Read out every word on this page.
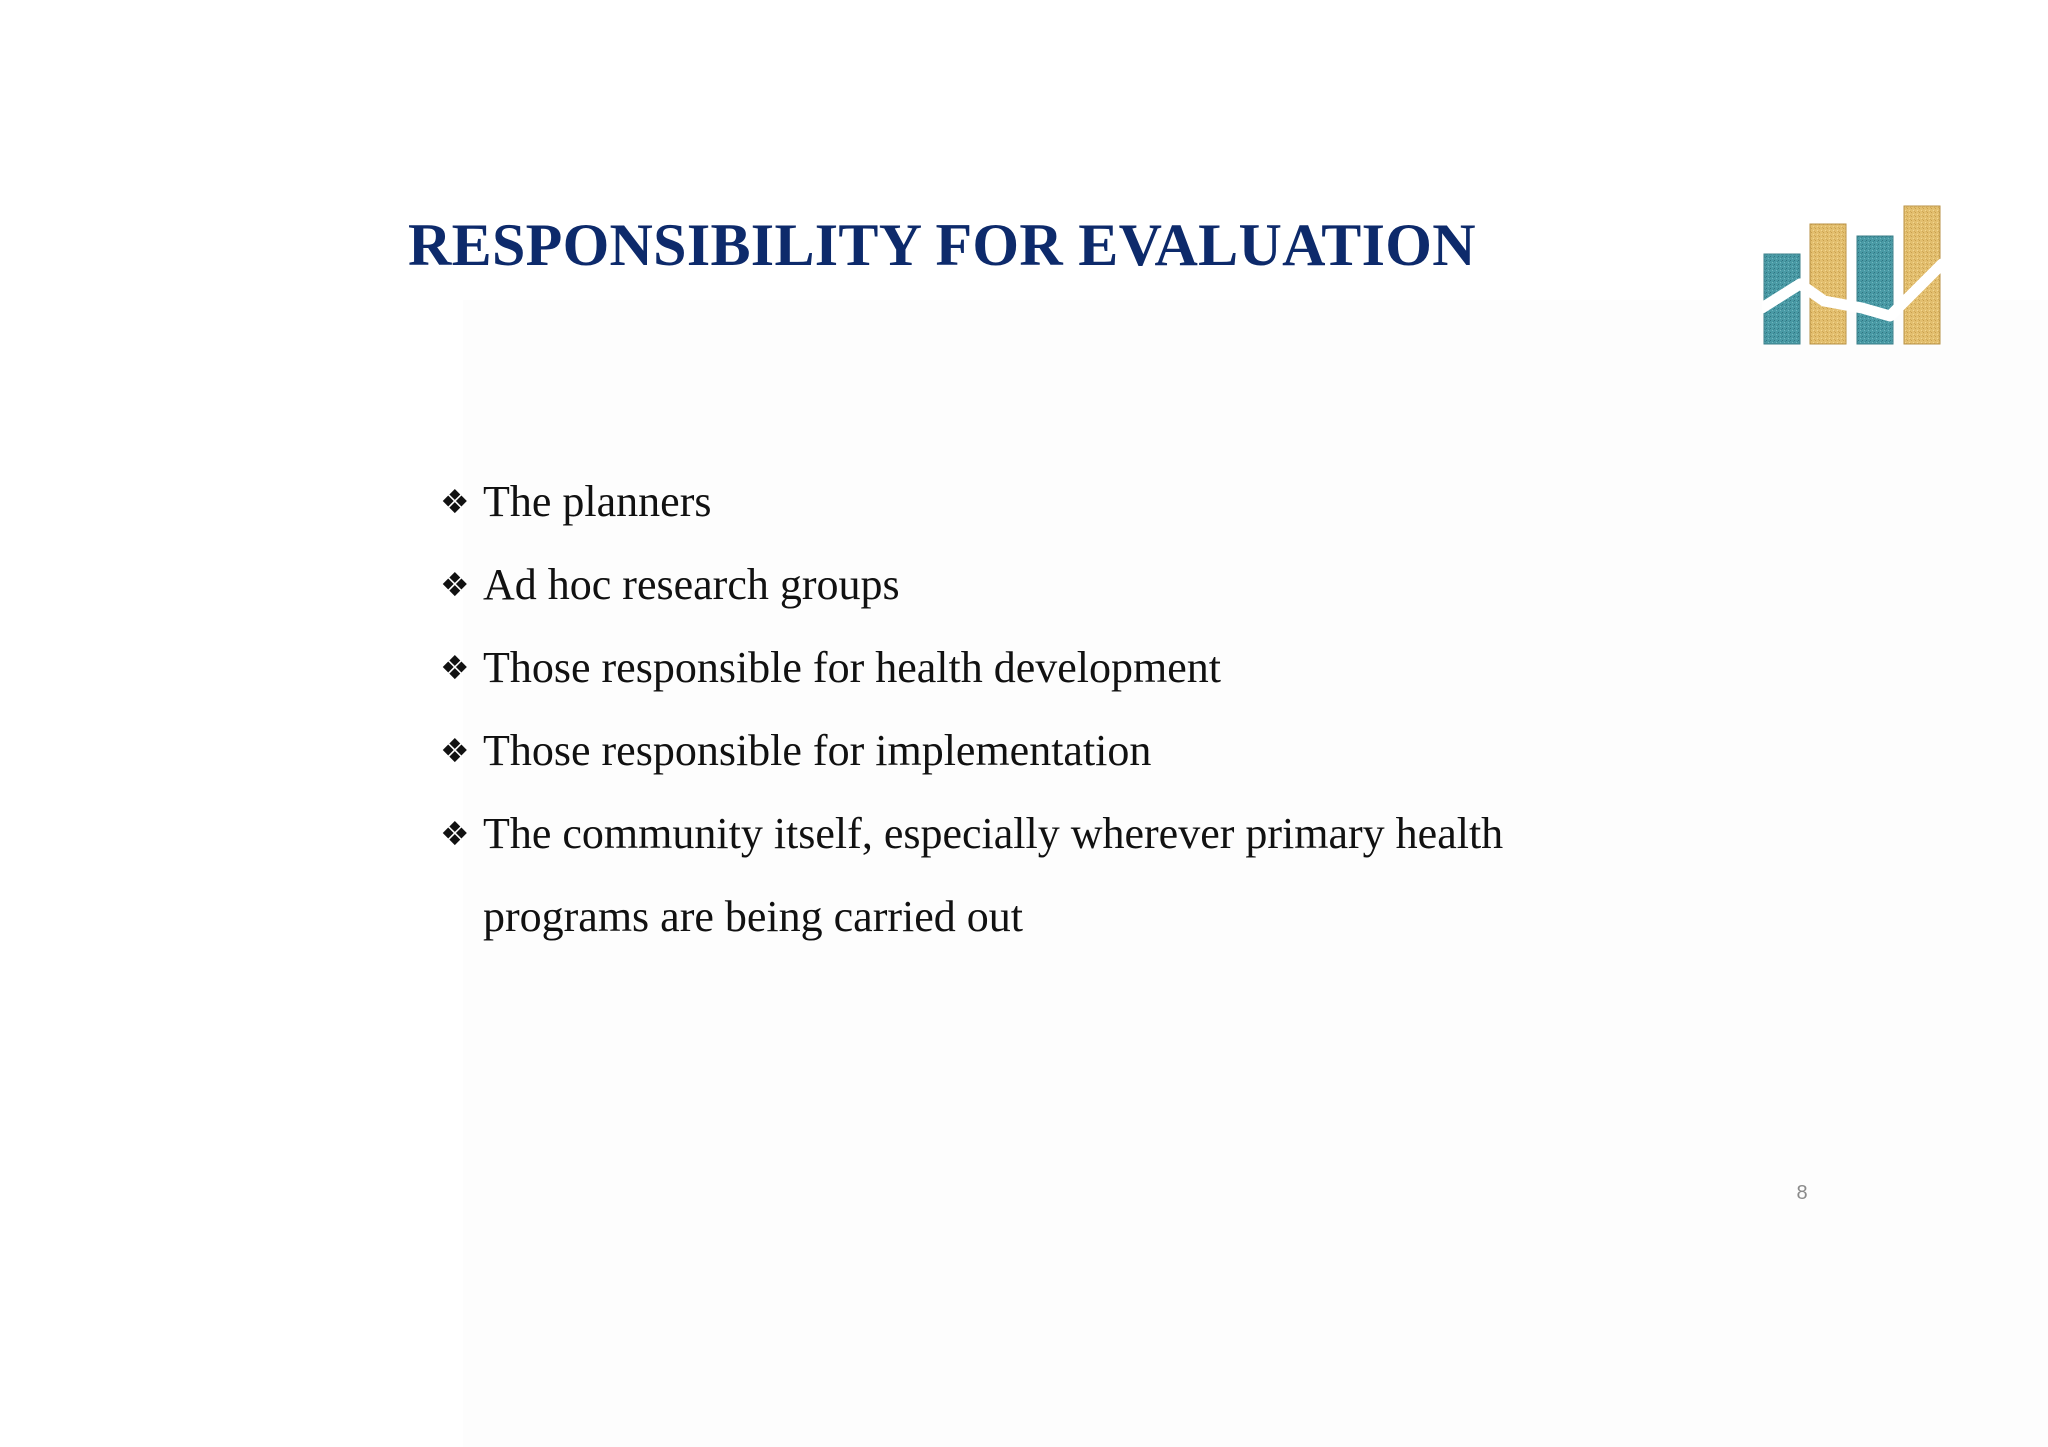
RESPONSIBILITY FOR EVALUATION
❖ The planners
❖ Ad hoc research groups
❖ Those responsible for health development
❖ Those responsible for implementation
❖ The community itself, especially wherever primary health programs are being carried out
8
